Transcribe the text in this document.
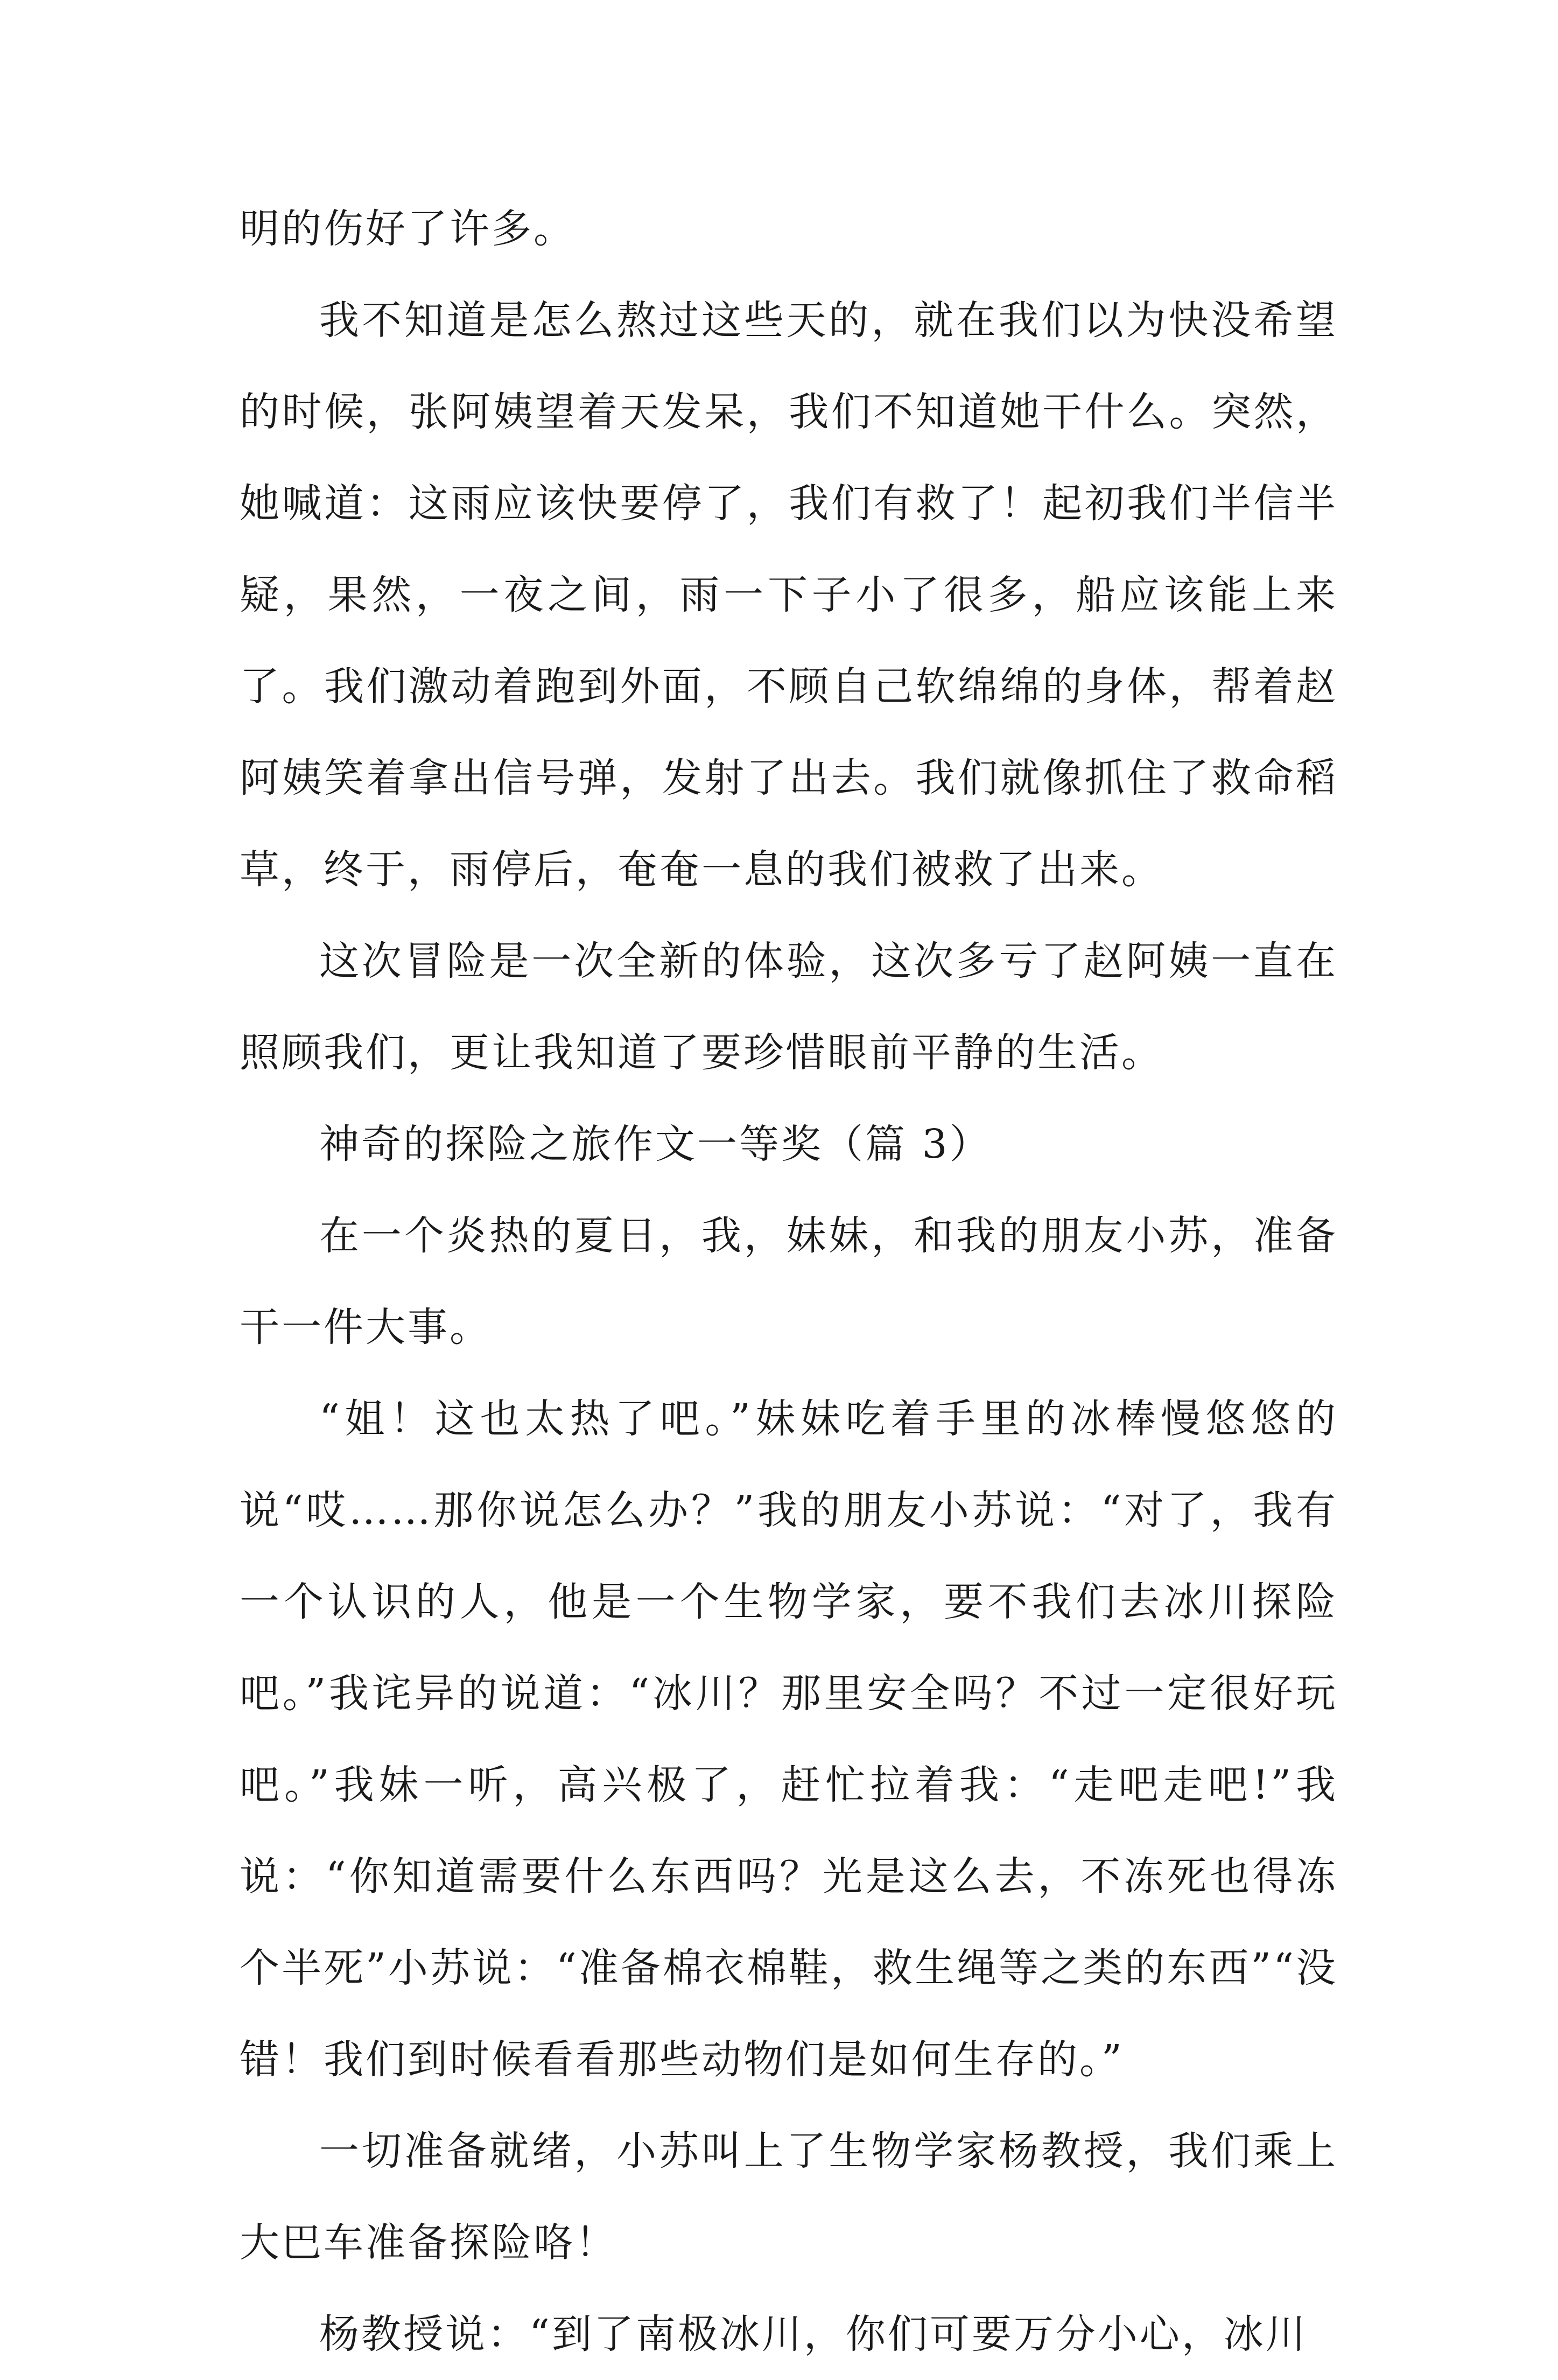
明的伤好了许多。

我不知道是怎么熬过这些天的，就在我们以为快没希望的时候，张阿姨望着天发呆，我们不知道她干什么。突然，她喊道：这雨应该快要停了，我们有救了！起初我们半信半疑，果然，一夜之间，雨一下子小了很多，船应该能上来了。我们激动着跑到外面，不顾自己软绵绵的身体，帮着赵阿姨笑着拿出信号弹，发射了出去。我们就像抓住了救命稻草，终于，雨停后，奄奄一息的我们被救了出来。

这次冒险是一次全新的体验，这次多亏了赵阿姨一直在照顾我们，更让我知道了要珍惜眼前平静的生活。

神奇的探险之旅作文一等奖（篇 3）

在一个炎热的夏日，我，妹妹，和我的朋友小苏，准备干一件大事。

“姐！这也太热了吧。”妹妹吃着手里的冰棒慢悠悠的说“哎……那你说怎么办？”我的朋友小苏说：“对了，我有一个认识的人，他是一个生物学家，要不我们去冰川探险吧。”我诧异的说道：“冰川？那里安全吗？不过一定很好玩吧。”我妹一听，高兴极了，赶忙拉着我：“走吧走吧!”我说：“你知道需要什么东西吗？光是这么去，不冻死也得冻个半死”小苏说：“准备棉衣棉鞋，救生绳等之类的东西”“没错！我们到时候看看那些动物们是如何生存的。”

一切准备就绪，小苏叫上了生物学家杨教授，我们乘上大巴车准备探险咯！

杨教授说：“到了南极冰川，你们可要万分小心，冰川
